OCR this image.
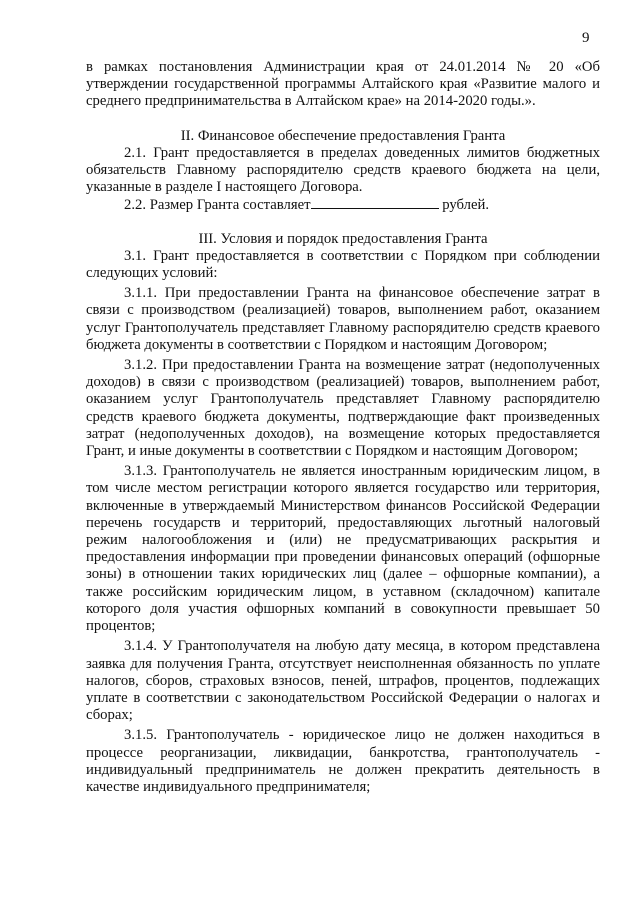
9

в рамках постановления Администрации края от 24.01.2014 № 20 «Об утверждении государственной программы Алтайского края «Развитие малого и среднего предпринимательства в Алтайском крае» на 2014-2020 годы.».

II. Финансовое обеспечение предоставления Гранта

2.1. Грант предоставляется в пределах доведенных лимитов бюджетных обязательств Главному распорядителю средств краевого бюджета на цели, указанные в разделе I настоящего Договора.

2.2. Размер Гранта составляет	рублей.

III. Условия и порядок предоставления Гранта

3.1. Грант предоставляется в соответствии с Порядком при соблюдении следующих условий:

3.1.1. При предоставлении Гранта на финансовое обеспечение затрат в связи с производством (реализацией) товаров, выполнением работ, оказанием услуг Грантополучатель представляет Главному распорядителю средств краевого бюджета документы в соответствии с Порядком и настоящим Договором;

3.1.2. При предоставлении Гранта на возмещение затрат (недополученных доходов) в связи с производством (реализацией) товаров, выполнением работ, оказанием услуг Грантополучатель представляет Главному распорядителю средств краевого бюджета документы, подтверждающие факт произведенных затрат (недополученных доходов), на возмещение которых предоставляется Грант, и иные документы в соответствии с Порядком и настоящим Договором;

3.1.3. Грантополучатель не является иностранным юридическим лицом, в том числе местом регистрации которого является государство или территория, включенные в утверждаемый Министерством финансов Российской Федерации перечень государств и территорий, предоставляющих льготный налоговый режим налогообложения и (или) не предусматривающих раскрытия и предоставления информации при проведении финансовых операций (офшорные зоны) в отношении таких юридических лиц (далее – офшорные компании), а также российским юридическим лицом, в уставном (складочном) капитале которого доля участия офшорных компаний в совокупности превышает 50 процентов;

3.1.4. У Грантополучателя на любую дату месяца, в котором представлена заявка для получения Гранта, отсутствует неисполненная обязанность по уплате налогов, сборов, страховых взносов, пеней, штрафов, процентов, подлежащих уплате в соответствии с законодательством Российской Федерации о налогах и сборах;

3.1.5. Грантополучатель - юридическое лицо не должен находиться в процессе реорганизации, ликвидации, банкротства, грантополучатель - индивидуальный предприниматель не должен прекратить деятельность в качестве индивидуального предпринимателя;
